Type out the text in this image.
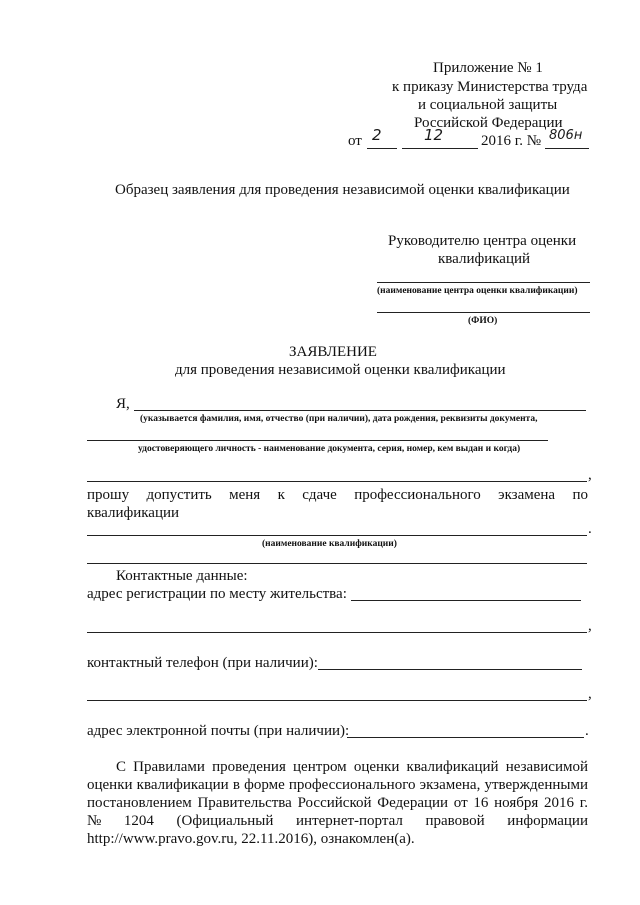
Приложение № 1
к приказу Министерства труда
и социальной защиты
Российской Федерации
от 2	12	2016 г. № 806н
Образец заявления для проведения независимой оценки квалификации
Руководителю центра оценки
квалификаций
(наименование центра оценки квалификации)
(ФИО)
ЗАЯВЛЕНИЕ
для проведения независимой оценки квалификации
Я,
(указывается фамилия, имя, отчество (при наличии), дата рождения, реквизиты документа,
удостоверяющего личность - наименование документа, серия, номер, кем выдан и когда)
,
прошу допустить меня к сдаче профессионального экзамена по
квалификации
.
(наименование квалификации)
Контактные данные:
адрес регистрации по месту жительства:
,
контактный телефон (при наличии):
,
адрес электронной почты (при наличии):	.
С Правилами проведения центром оценки квалификаций независимой
оценки квалификации в форме профессионального экзамена, утвержденными
постановлением Правительства Российской Федерации от 16 ноября 2016 г.
№ 1204 (Официальный интернет-портал правовой информации
http://www.pravo.gov.ru, 22.11.2016), ознакомлен(а).
